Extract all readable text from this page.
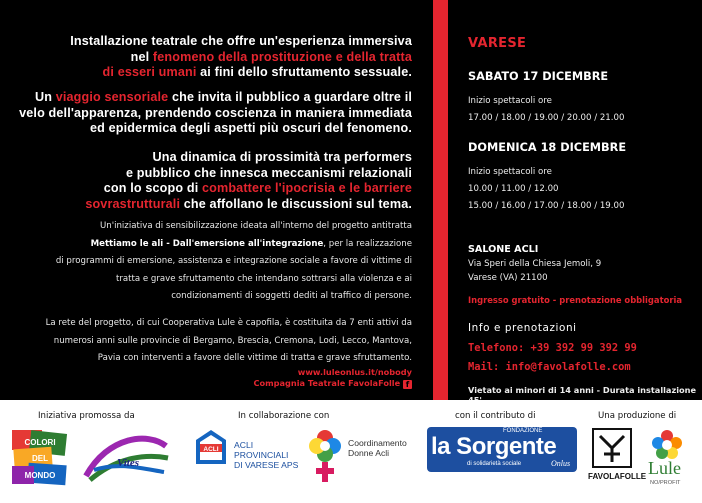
Installazione teatrale che offre un'esperienza immersiva
nel fenomeno della prostituzione e della tratta
di esseri umani ai fini dello sfruttamento sessuale.
Un viaggio sensoriale che invita il pubblico a guardare oltre il
velo dell'apparenza, prendendo coscienza in maniera immediata
ed epidermica degli aspetti più oscuri del fenomeno.
Una dinamica di prossimità tra performers
e pubblico che innesca meccanismi relazionali
con lo scopo di combattere l'ipocrisia e le barriere
sovrastrutturali che affollano le discussioni sul tema.
Un'iniziativa di sensibilizzazione ideata all'interno del progetto antitratta
Mettiamo le ali - Dall'emersione all'integrazione, per la realizzazione
di programmi di emersione, assistenza e integrazione sociale a favore di vittime di
tratta e grave sfruttamento che intendano sottrarsi alla violenza e ai
condizionamenti di soggetti dediti al traffico di persone.
La rete del progetto, di cui Cooperativa Lule è capofila, è costituita da 7 enti attivi da
numerosi anni sulle provincie di Bergamo, Brescia, Cremona, Lodi, Lecco, Mantova,
Pavia con interventi a favore delle vittime di tratta e grave sfruttamento.
www.luleonlus.it/nobody
Compagnia Teatrale FavolaFolle f
VARESE
SABATO 17 DICEMBRE
Inizio spettacoli ore
17.00 / 18.00 / 19.00 / 20.00 / 21.00
DOMENICA 18 DICEMBRE
Inizio spettacoli ore
10.00 / 11.00 / 12.00
15.00 / 16.00 / 17.00 / 18.00 / 19.00
SALONE ACLI
Via Speri della Chiesa Jemoli, 9
Varese (VA) 21100
Ingresso gratuito - prenotazione obbligatoria
Info e prenotazioni
Telefono: +39 392 99 392 99
Mail: info@favolafolle.com
Vietato ai minori di 14 anni - Durata installazione
Iniziativa promossa da	In collaborazione con	con il contributo di	Una produzione di
COLORI
DEL
MONDO
Vites
ACLI ACLI
PROVINCIALI
DI VARESE APS
Coordinamento
Donne Acli
FONDAZIONE
la Sorgente
di solidarietà sociale	Onlus
FAVOLAFOLLE Lule
NO/PROFIT
